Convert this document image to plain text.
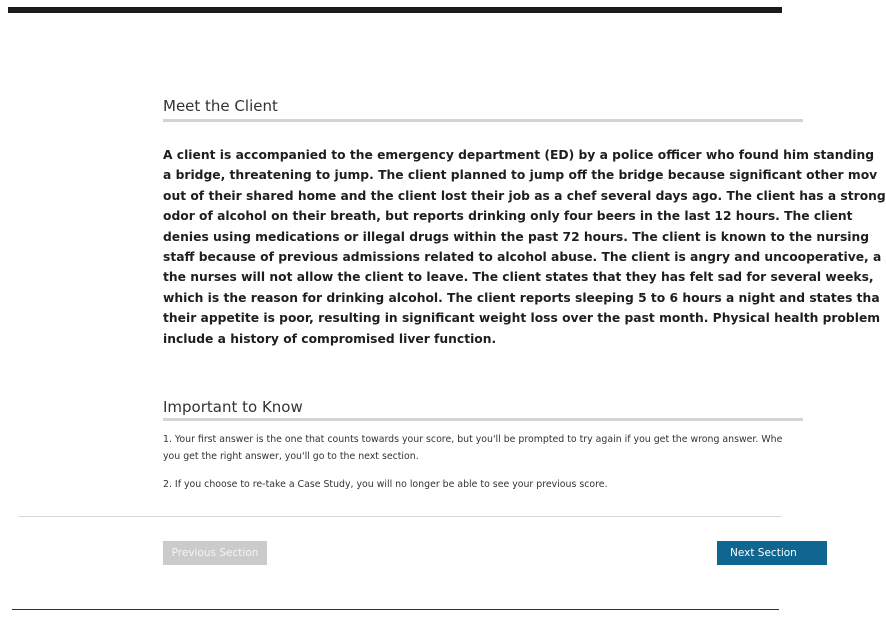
Meet the Client

A client is accompanied to the emergency department (ED) by a police officer who found him standing
a bridge, threatening to jump. The client planned to jump off the bridge because significant other mov
out of their shared home and the client lost their job as a chef several days ago. The client has a strong
odor of alcohol on their breath, but reports drinking only four beers in the last 12 hours. The client
denies using medications or illegal drugs within the past 72 hours. The client is known to the nursing
staff because of previous admissions related to alcohol abuse. The client is angry and uncooperative, a
the nurses will not allow the client to leave. The client states that they has felt sad for several weeks,
which is the reason for drinking alcohol. The client reports sleeping 5 to 6 hours a night and states tha
their appetite is poor, resulting in significant weight loss over the past month. Physical health problem
include a history of compromised liver function.

Important to Know

1. Your first answer is the one that counts towards your score, but you'll be prompted to try again if you get the wrong answer. Whe
you get the right answer, you'll go to the next section.

2. If you choose to re-take a Case Study, you will no longer be able to see your previous score.

Previous Section	Next Section
